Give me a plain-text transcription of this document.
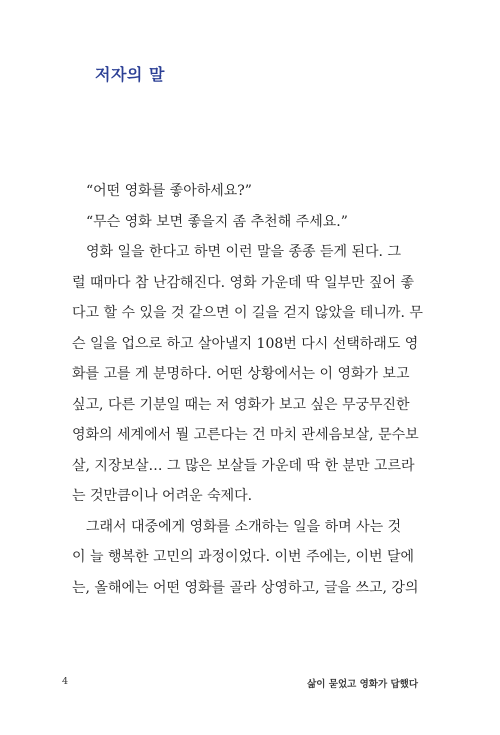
저자의 말
“어떤 영화를 좋아하세요?”
“무슨 영화 보면 좋을지 좀 추천해 주세요.”
영화 일을 한다고 하면 이런 말을 종종 듣게 된다. 그
럴 때마다 참 난감해진다. 영화 가운데 딱 일부만 짚어 좋
다고 할 수 있을 것 같으면 이 길을 걷지 않았을 테니까. 무
슨 일을 업으로 하고 살아낼지 108번 다시 선택하래도 영
화를 고를 게 분명하다. 어떤 상황에서는 이 영화가 보고
싶고, 다른 기분일 때는 저 영화가 보고 싶은 무궁무진한
영화의 세계에서 뭘 고른다는 건 마치 관세음보살, 문수보
살, 지장보살… 그 많은 보살들 가운데 딱 한 분만 고르라
는 것만큼이나 어려운 숙제다.
그래서 대중에게 영화를 소개하는 일을 하며 사는 것
이 늘 행복한 고민의 과정이었다. 이번 주에는, 이번 달에
는, 올해에는 어떤 영화를 골라 상영하고, 글을 쓰고, 강의
4	삶이 묻었고 영화가 답했다
